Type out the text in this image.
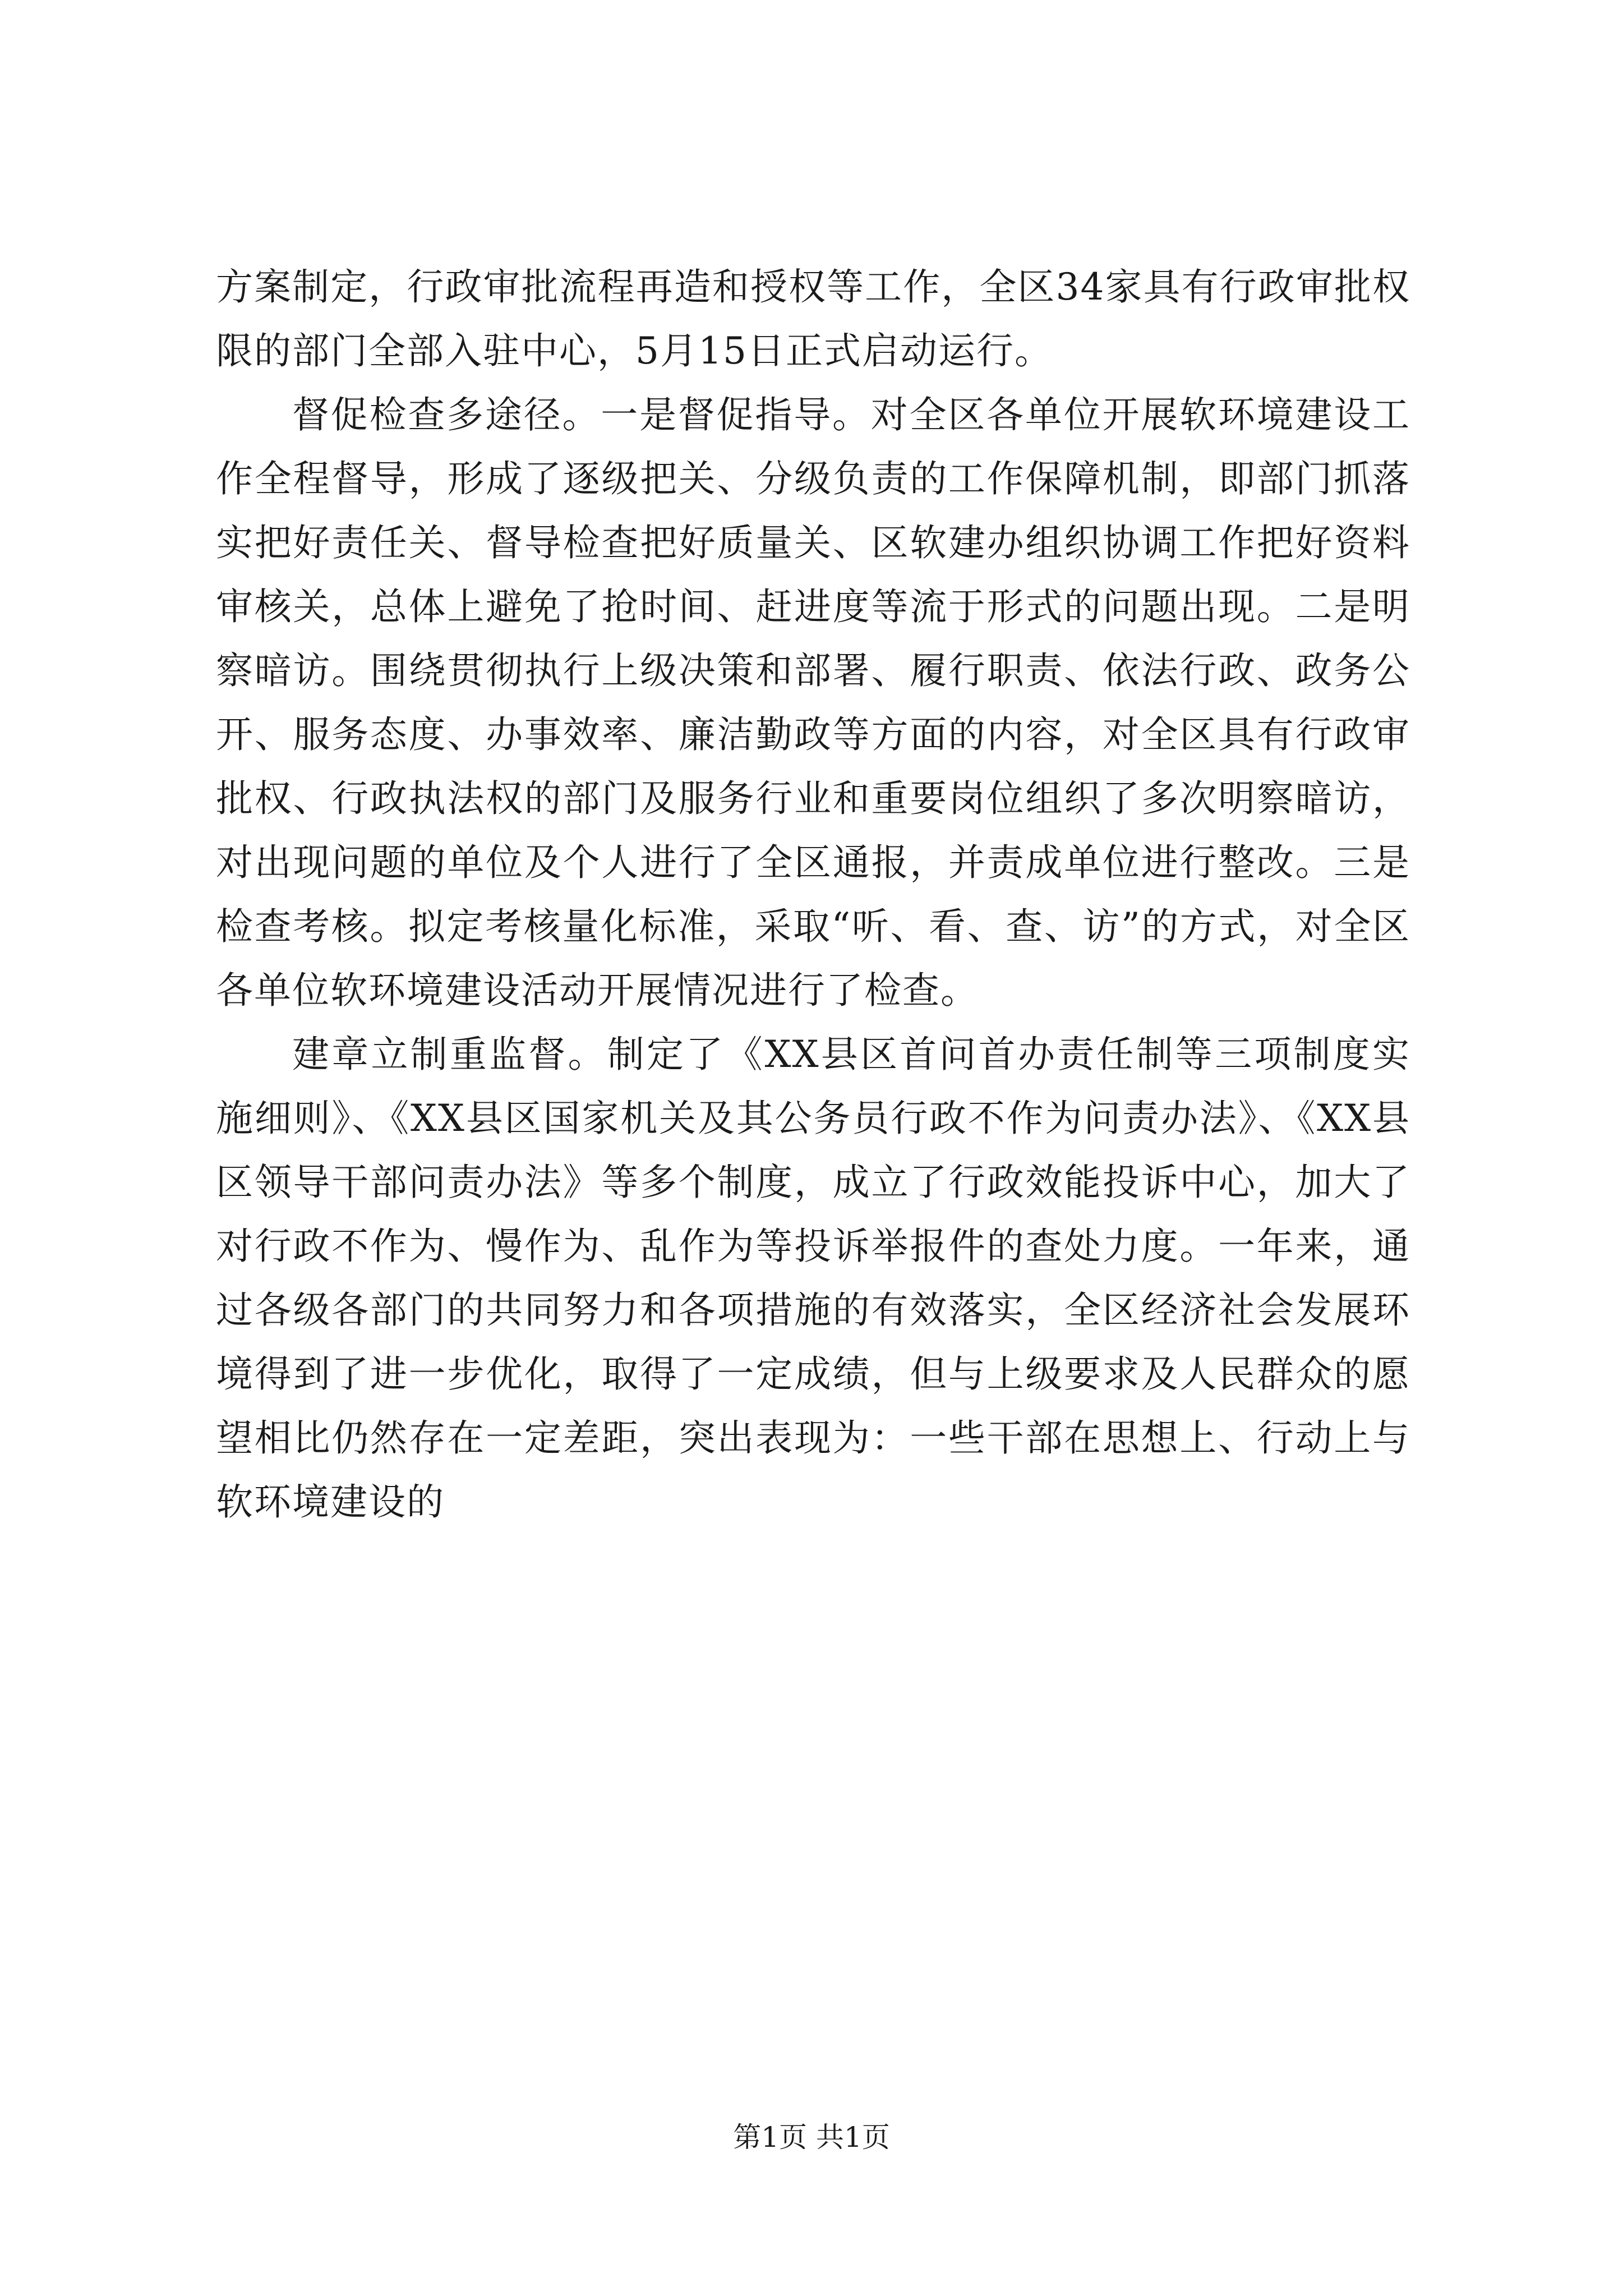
方案制定，行政审批流程再造和授权等工作，全区34家具有行政审批权限的部门全部入驻中心，5月15日正式启动运行。

督促检查多途径。一是督促指导。对全区各单位开展软环境建设工作全程督导，形成了逐级把关、分级负责的工作保障机制，即部门抓落实把好责任关、督导检查把好质量关、区软建办组织协调工作把好资料审核关，总体上避免了抢时间、赶进度等流于形式的问题出现。二是明察暗访。围绕贯彻执行上级决策和部署、履行职责、依法行政、政务公开、服务态度、办事效率、廉洁勤政等方面的内容，对全区具有行政审批权、行政执法权的部门及服务行业和重要岗位组织了多次明察暗访，对出现问题的单位及个人进行了全区通报，并责成单位进行整改。三是检查考核。拟定考核量化标准，采取“听、看、查、访”的方式，对全区各单位软环境建设活动开展情况进行了检查。

建章立制重监督。制定了《XX县区首问首办责任制等三项制度实施细则》、《XX县区国家机关及其公务员行政不作为问责办法》、《XX县区领导干部问责办法》等多个制度，成立了行政效能投诉中心，加大了对行政不作为、慢作为、乱作为等投诉举报件的查处力度。一年来，通过各级各部门的共同努力和各项措施的有效落实，全区经济社会发展环境得到了进一步优化，取得了一定成绩，但与上级要求及人民群众的愿望相比仍然存在一定差距，突出表现为：一些干部在思想上、行动上与软环境建设的

第1页 共1页
